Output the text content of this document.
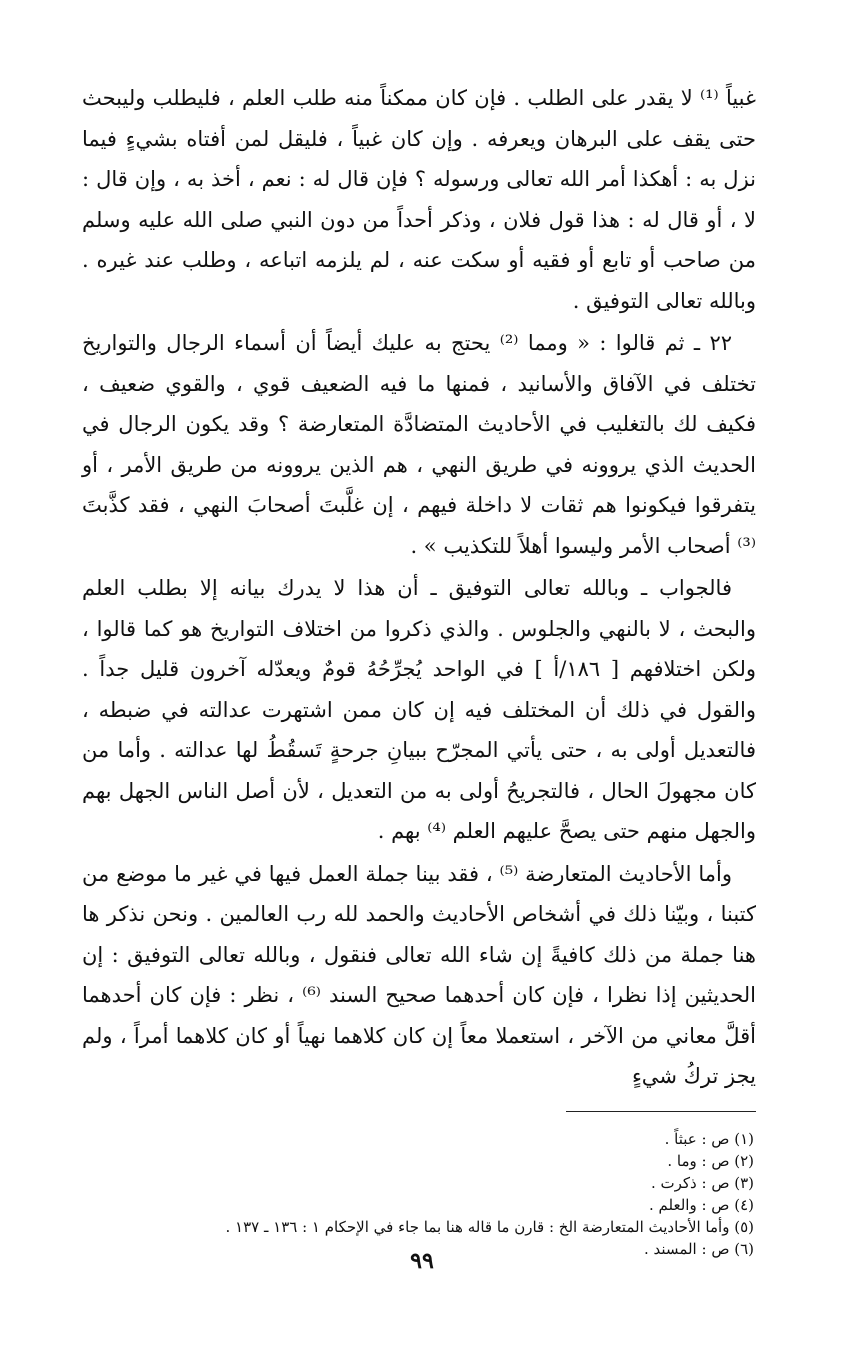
غبياً ⁽¹⁾ لا يقدر على الطلب . فإن كان ممكناً منه طلب العلم ، فليطلب وليبحث حتى يقف على البرهان ويعرفه . وإن كان غبياً ، فليقل لمن أفتاه بشيءٍ فيما نزل به : أهكذا أمر الله تعالى ورسوله ؟ فإن قال له : نعم ، أخذ به ، وإن قال : لا ، أو قال له : هذا قول فلان ، وذكر أحداً من دون النبي صلى الله عليه وسلم من صاحب أو تابع أو فقيه أو سكت عنه ، لم يلزمه اتباعه ، وطلب عند غيره . وبالله تعالى التوفيق .

٢٢ ـ ثم قالوا : « ومما ⁽²⁾ يحتج به عليك أيضاً أن أسماء الرجال والتواريخ تختلف في الآفاق والأسانيد ، فمنها ما فيه الضعيف قوي ، والقوي ضعيف ، فكيف لك بالتغليب في الأحاديث المتضادَّة المتعارضة ؟ وقد يكون الرجال في الحديث الذي يروونه في طريق النهي ، هم الذين يروونه من طريق الأمر ، أو يتفرقوا فيكونوا هم ثقات لا داخلة فيهم ، إن غلَّبتَ أصحابَ النهي ، فقد كذَّبتَ ⁽³⁾ أصحاب الأمر وليسوا أهلاً للتكذيب » .

فالجواب ـ وبالله تعالى التوفيق ـ أن هذا لا يدرك بيانه إلا بطلب العلم والبحث ، لا بالنهي والجلوس . والذي ذكروا من اختلاف التواريخ هو كما قالوا ، ولكن اختلافهم [ ١٨٦/أ ] في الواحد يُجرِّحُهُ قومٌ ويعدّله آخرون قليل جداً . والقول في ذلك أن المختلف فيه إن كان ممن اشتهرت عدالته في ضبطه ، فالتعديل أولى به ، حتى يأتي المجرّح ببيانِ جرحةٍ تَسقُطُ لها عدالته . وأما من كان مجهولَ الحال ، فالتجريحُ أولى به من التعديل ، لأن أصل الناس الجهل بهم والجهل منهم حتى يصحَّ عليهم العلم ⁽⁴⁾ بهم .

وأما الأحاديث المتعارضة ⁽⁵⁾ ، فقد بينا جملة العمل فيها في غير ما موضع من كتبنا ، وبيّنا ذلك في أشخاص الأحاديث والحمد لله رب العالمين . ونحن نذكر ها هنا جملة من ذلك كافيةً إن شاء الله تعالى فنقول ، وبالله تعالى التوفيق : إن الحديثين إذا نظرا ، فإن كان أحدهما صحيح السند ⁽⁶⁾ ، نظر : فإن كان أحدهما أقلَّ معاني من الآخر ، استعملا معاً إن كان كلاهما نهياً أو كان كلاهما أمراً ، ولم يجز تركُ شيءٍ

(١) ص : عبثاً .

(٢) ص : وما .

(٣) ص : ذكرت .

(٤) ص : والعلم .

(٥) وأما الأحاديث المتعارضة الخ : قارن ما قاله هنا بما جاء في الإحكام ١ : ١٣٦ ـ ١٣٧ .

(٦) ص : المسند .

٩٩
